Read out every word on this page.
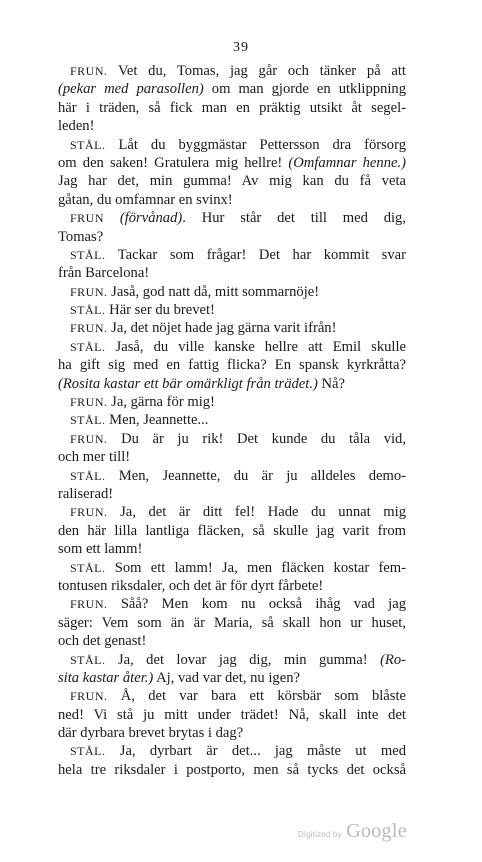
39
FRUN. Vet du, Tomas, jag går och tänker på att
(pekar med parasollen) om man gjorde en utklippning
här i träden, så fick man en präktig utsikt åt segel-
leden!
STÅL. Låt du byggmästar Pettersson dra försorg
om den saken! Gratulera mig hellre! (Omfamnar henne.)
Jag har det, min gumma! Av mig kan du få veta
gåtan, du omfamnar en svinx!
FRUN (förvånad). Hur står det till med dig,
Tomas?
STÅL. Tackar som frågar! Det har kommit svar
från Barcelona!
FRUN. Jaså, god natt då, mitt sommarnöje!
STÅL. Här ser du brevet!
FRUN. Ja, det nöjet hade jag gärna varit ifrån!
STÅL. Jaså, du ville kanske hellre att Emil skulle
ha gift sig med en fattig flicka? En spansk kyrkråtta?
(Rosita kastar ett bär omärkligt från trädet.) Nå?
FRUN. Ja, gärna för mig!
STÅL. Men, Jeannette...
FRUN. Du är ju rik! Det kunde du tåla vid,
och mer till!
STÅL. Men, Jeannette, du är ju alldeles demo-
raliserad!
FRUN. Ja, det är ditt fel! Hade du unnat mig
den här lilla lantliga fläcken, så skulle jag varit from
som ett lamm!
STÅL. Som ett lamm! Ja, men fläcken kostar fem-
tontusen riksdaler, och det är för dyrt fårbete!
FRUN. Såå? Men kom nu också ihåg vad jag
säger: Vem som än är Maria, så skall hon ur huset,
och det genast!
STÅL. Ja, det lovar jag dig, min gumma! (Ro-
sita kastar åter.) Aj, vad var det, nu igen?
FRUN. Å, det var bara ett körsbär som blåste
ned! Vi stå ju mitt under trädet! Nå, skall inte det
där dyrbara brevet brytas i dag?
STÅL. Ja, dyrbart är det... jag måste ut med
hela tre riksdaler i postporto, men så tycks det också
Digitized by Google
